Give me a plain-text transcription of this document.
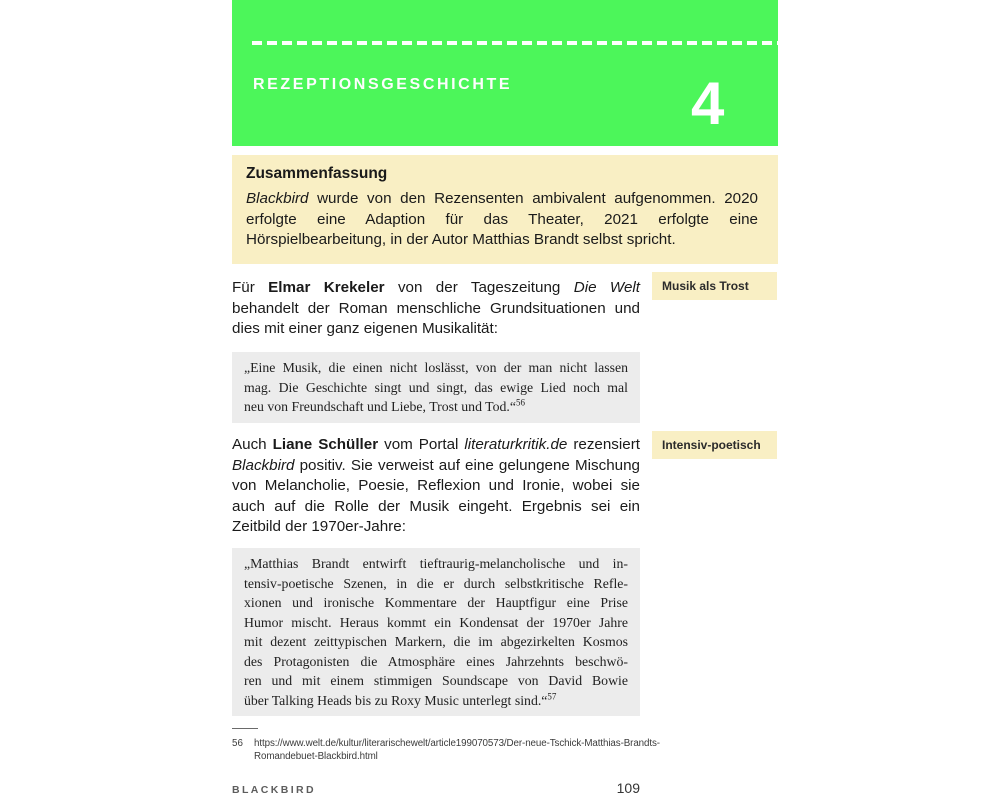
REZEPTIONSGESCHICHTE	4
Zusammenfassung
Blackbird wurde von den Rezensenten ambivalent aufgenommen. 2020 erfolgte eine Adaption für das Theater, 2021 erfolgte eine Hörspielbearbeitung, in der Autor Matthias Brandt selbst spricht.

Für Elmar Krekeler von der Tageszeitung Die Welt behandelt der Roman menschliche Grundsituationen und dies mit einer ganz eigenen Musikalität:

Musik als Trost
„Eine Musik, die einen nicht loslässt, von der man nicht lassen
mag. Die Geschichte singt und singt, das ewige Lied noch mal
neu von Freundschaft und Liebe, Trost und Tod.“$^{56}$

Auch Liane Schüller vom Portal literaturkritik.de rezensiert Blackbird positiv. Sie verweist auf eine gelungene Mischung von Melancholie, Poesie, Reflexion und Ironie, wobei sie auch auf die Rolle der Musik eingeht. Ergebnis sei ein Zeitbild der 1970er-Jahre:

Intensiv-poetisch
„Matthias Brandt entwirft tieftraurig-melancholische und in-
tensiv-poetische Szenen, in die er durch selbstkritische Refle-
xionen und ironische Kommentare der Hauptfigur eine Prise
Humor mischt. Heraus kommt ein Kondensat der 1970er Jahre
mit dezent zeittypischen Markern, die im abgezirkelten Kosmos
des Protagonisten die Atmosphäre eines Jahrzehnts beschwö-
ren und mit einem stimmigen Soundscape von David Bowie
über Talking Heads bis zu Roxy Music unterlegt sind.“$^{57}$
56	https://www.welt.de/kultur/literarischewelt/article199070573/Der-neue-Tschick-Matthias-Brandts-
Romandebuet-Blackbird.html
BLACKBIRD	109
